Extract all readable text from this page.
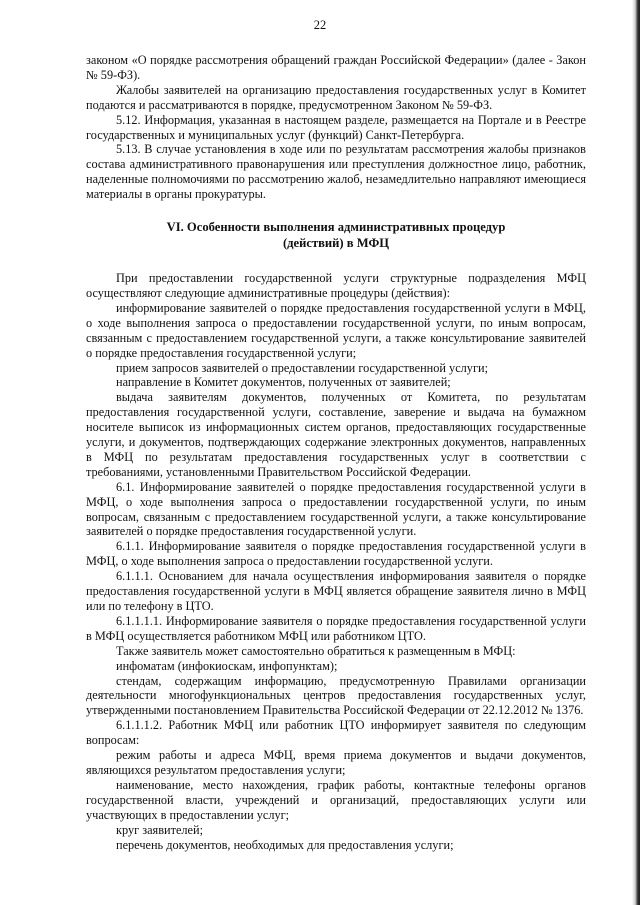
22

законом «О порядке рассмотрения обращений граждан Российской Федерации» (далее - Закон № 59-ФЗ).

Жалобы заявителей на организацию предоставления государственных услуг в Комитет подаются и рассматриваются в порядке, предусмотренном Законом № 59-ФЗ.

5.12. Информация, указанная в настоящем разделе, размещается на Портале и в Реестре государственных и муниципальных услуг (функций) Санкт-Петербурга.

5.13. В случае установления в ходе или по результатам рассмотрения жалобы признаков состава административного правонарушения или преступления должностное лицо, работник, наделенные полномочиями по рассмотрению жалоб, незамедлительно направляют имеющиеся материалы в органы прокуратуры.

VI. Особенности выполнения административных процедур
(действий) в МФЦ

При предоставлении государственной услуги структурные подразделения МФЦ осуществляют следующие административные процедуры (действия):

информирование заявителей о порядке предоставления государственной услуги в МФЦ, о ходе выполнения запроса о предоставлении государственной услуги, по иным вопросам, связанным с предоставлением государственной услуги, а также консультирование заявителей о порядке предоставления государственной услуги;

прием запросов заявителей о предоставлении государственной услуги;

направление в Комитет документов, полученных от заявителей;

выдача заявителям документов, полученных от Комитета, по результатам предоставления государственной услуги, составление, заверение и выдача на бумажном носителе выписок из информационных систем органов, предоставляющих государственные услуги, и документов, подтверждающих содержание электронных документов, направленных в МФЦ по результатам предоставления государственных услуг в соответствии с требованиями, установленными Правительством Российской Федерации.

6.1. Информирование заявителей о порядке предоставления государственной услуги в МФЦ, о ходе выполнения запроса о предоставлении государственной услуги, по иным вопросам, связанным с предоставлением государственной услуги, а также консультирование заявителей о порядке предоставления государственной услуги.

6.1.1. Информирование заявителя о порядке предоставления государственной услуги в МФЦ, о ходе выполнения запроса о предоставлении государственной услуги.

6.1.1.1. Основанием для начала осуществления информирования заявителя о порядке предоставления государственной услуги в МФЦ является обращение заявителя лично в МФЦ или по телефону в ЦТО.

6.1.1.1.1. Информирование заявителя о порядке предоставления государственной услуги в МФЦ осуществляется работником МФЦ или работником ЦТО.

Также заявитель может самостоятельно обратиться к размещенным в МФЦ:

инфоматам (инфокиоскам, инфопунктам);

стендам, содержащим информацию, предусмотренную Правилами организации деятельности многофункциональных центров предоставления государственных услуг, утвержденными постановлением Правительства Российской Федерации от 22.12.2012 № 1376.

6.1.1.1.2. Работник МФЦ или работник ЦТО информирует заявителя по следующим вопросам:

режим работы и адреса МФЦ, время приема документов и выдачи документов, являющихся результатом предоставления услуги;

наименование, место нахождения, график работы, контактные телефоны органов государственной власти, учреждений и организаций, предоставляющих услуги или участвующих в предоставлении услуг;

круг заявителей;

перечень документов, необходимых для предоставления услуги;
